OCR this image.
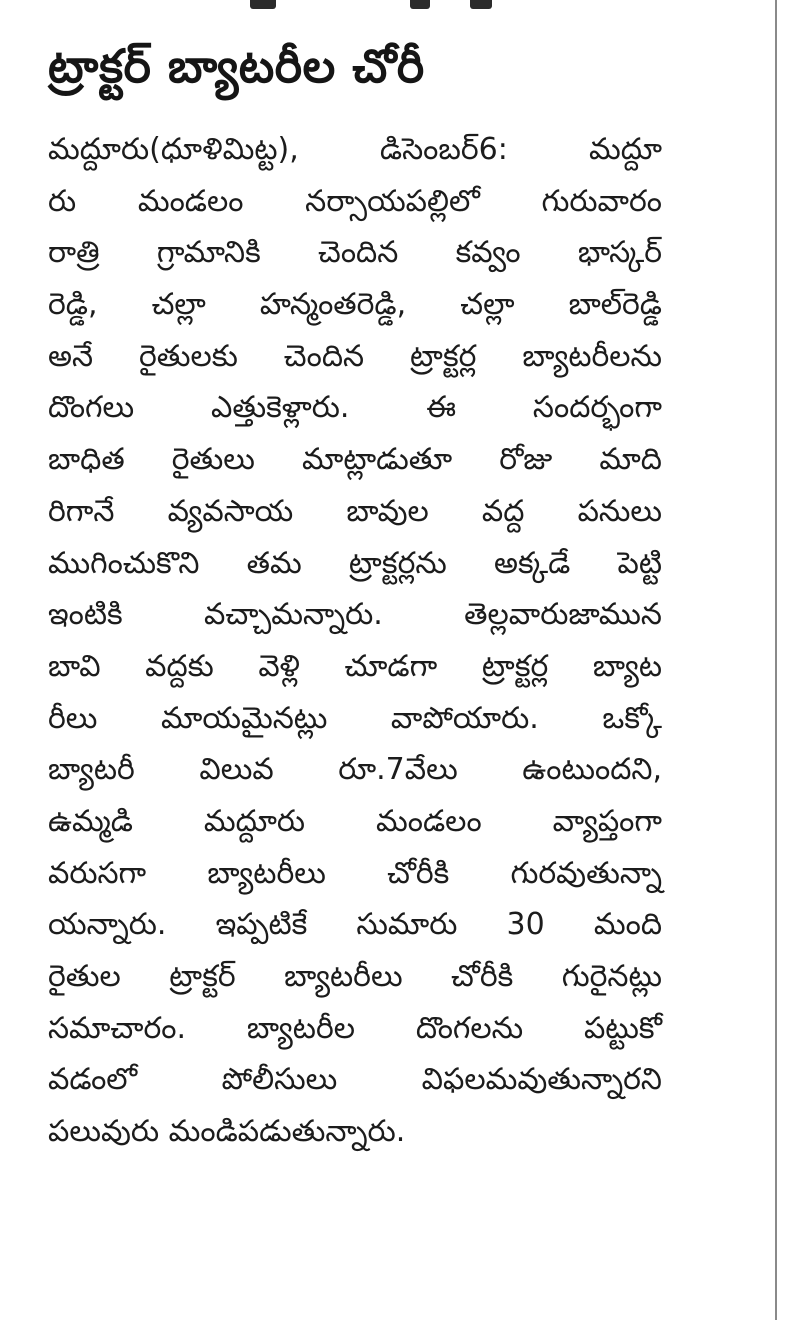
ట్రాక్టర్ బ్యాటరీల చోరీ
మద్దూరు(ధూళిమిట్ట), డిసెంబర్6: మద్దూ
రు మండలం నర్సాయపల్లిలో గురువారం
రాత్రి గ్రామానికి చెందిన కవ్వం భాస్కర్
రెడ్డి, చల్లా హన్మంతరెడ్డి, చల్లా బాల్‌రెడ్డి
అనే రైతులకు చెందిన ట్రాక్టర్ల బ్యాటరీలను
దొంగలు ఎత్తుకెళ్లారు. ఈ సందర్భంగా
బాధిత రైతులు మాట్లాడుతూ రోజు మాది
రిగానే వ్యవసాయ బావుల వద్ద పనులు
ముగించుకొని తమ ట్రాక్టర్లను అక్కడే పెట్టి
ఇంటికి వచ్చామన్నారు. తెల్లవారుజామున
బావి వద్దకు వెళ్లి చూడగా ట్రాక్టర్ల బ్యాట
రీలు మాయమైనట్లు వాపోయారు. ఒక్కో
బ్యాటరీ విలువ రూ.7వేలు ఉంటుందని,
ఉమ్మడి మద్దూరు మండలం వ్యాప్తంగా
వరుసగా బ్యాటరీలు చోరీకి గురవుతున్నా
యన్నారు. ఇప్పటికే సుమారు 30 మంది
రైతుల ట్రాక్టర్ బ్యాటరీలు చోరీకి గురైనట్లు
సమాచారం. బ్యాటరీల దొంగలను పట్టుకో
వడంలో పోలీసులు విఫలమవుతున్నారని
పలువురు మండిపడుతున్నారు.
